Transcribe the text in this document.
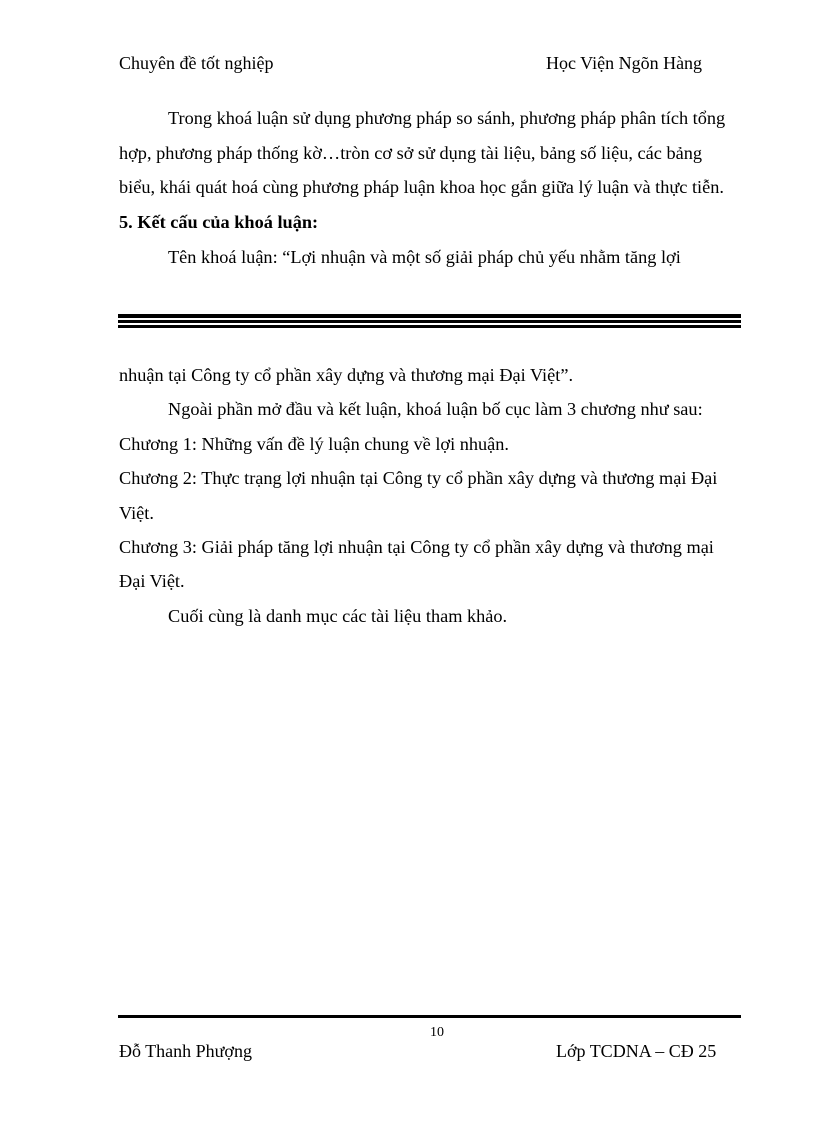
Chuyên đề tốt nghiệp	Học Viện Ngõn Hàng
Trong khoá luận sử dụng phương pháp so sánh, phương pháp phân tích tổng
hợp, phương pháp thống kờ…tròn cơ sở sử dụng tài liệu, bảng số liệu, các bảng
biểu, khái quát hoá cùng phương pháp luận khoa học gắn giữa lý luận và thực tiễn.
5. Kết cấu của khoá luận:
Tên khoá luận: “Lợi nhuận và một số giải pháp chủ yếu nhằm tăng lợi
nhuận tại Công ty cổ phần xây dựng và thương mại Đại Việt”.
Ngoài phần mở đầu và kết luận, khoá luận bố cục làm 3 chương như sau:
Chương 1: Những vấn đề lý luận chung về lợi nhuận.
Chương 2: Thực trạng lợi nhuận tại Công ty cổ phần xây dựng và thương mại Đại
Việt.
Chương 3: Giải pháp tăng lợi nhuận tại Công ty cổ phần xây dựng và thương mại
Đại Việt.
Cuối cùng là danh mục các tài liệu tham khảo.
10
Đỗ Thanh Phượng	Lớp TCDNA – CĐ 25
